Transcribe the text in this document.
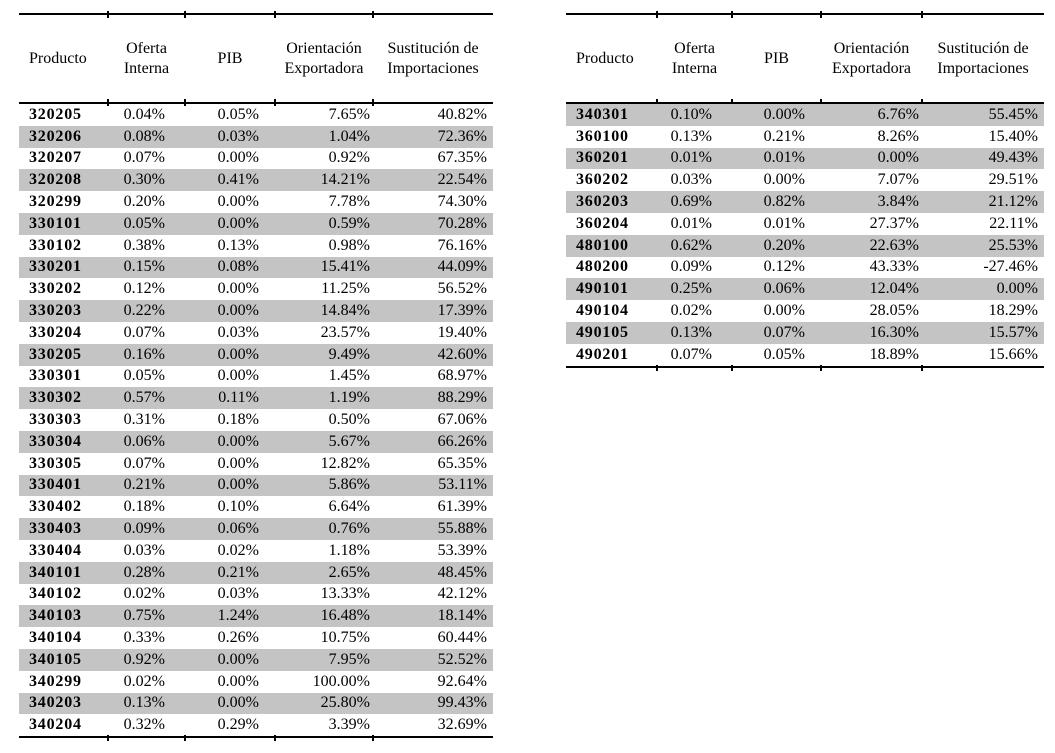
Producto	Oferta Interna	PIB	Orientación Exportadora	Sustitución de Importaciones
320205	0.04%	0.05%	7.65%	40.82%
320206	0.08%	0.03%	1.04%	72.36%
320207	0.07%	0.00%	0.92%	67.35%
320208	0.30%	0.41%	14.21%	22.54%
320299	0.20%	0.00%	7.78%	74.30%
330101	0.05%	0.00%	0.59%	70.28%
330102	0.38%	0.13%	0.98%	76.16%
330201	0.15%	0.08%	15.41%	44.09%
330202	0.12%	0.00%	11.25%	56.52%
330203	0.22%	0.00%	14.84%	17.39%
330204	0.07%	0.03%	23.57%	19.40%
330205	0.16%	0.00%	9.49%	42.60%
330301	0.05%	0.00%	1.45%	68.97%
330302	0.57%	0.11%	1.19%	88.29%
330303	0.31%	0.18%	0.50%	67.06%
330304	0.06%	0.00%	5.67%	66.26%
330305	0.07%	0.00%	12.82%	65.35%
330401	0.21%	0.00%	5.86%	53.11%
330402	0.18%	0.10%	6.64%	61.39%
330403	0.09%	0.06%	0.76%	55.88%
330404	0.03%	0.02%	1.18%	53.39%
340101	0.28%	0.21%	2.65%	48.45%
340102	0.02%	0.03%	13.33%	42.12%
340103	0.75%	1.24%	16.48%	18.14%
340104	0.33%	0.26%	10.75%	60.44%
340105	0.92%	0.00%	7.95%	52.52%
340299	0.02%	0.00%	100.00%	92.64%
340203	0.13%	0.00%	25.80%	99.43%
340204	0.32%	0.29%	3.39%	32.69%
Producto	Oferta Interna	PIB	Orientación Exportadora	Sustitución de Importaciones
340301	0.10%	0.00%	6.76%	55.45%
360100	0.13%	0.21%	8.26%	15.40%
360201	0.01%	0.01%	0.00%	49.43%
360202	0.03%	0.00%	7.07%	29.51%
360203	0.69%	0.82%	3.84%	21.12%
360204	0.01%	0.01%	27.37%	22.11%
480100	0.62%	0.20%	22.63%	25.53%
480200	0.09%	0.12%	43.33%	-27.46%
490101	0.25%	0.06%	12.04%	0.00%
490104	0.02%	0.00%	28.05%	18.29%
490105	0.13%	0.07%	16.30%	15.57%
490201	0.07%	0.05%	18.89%	15.66%
